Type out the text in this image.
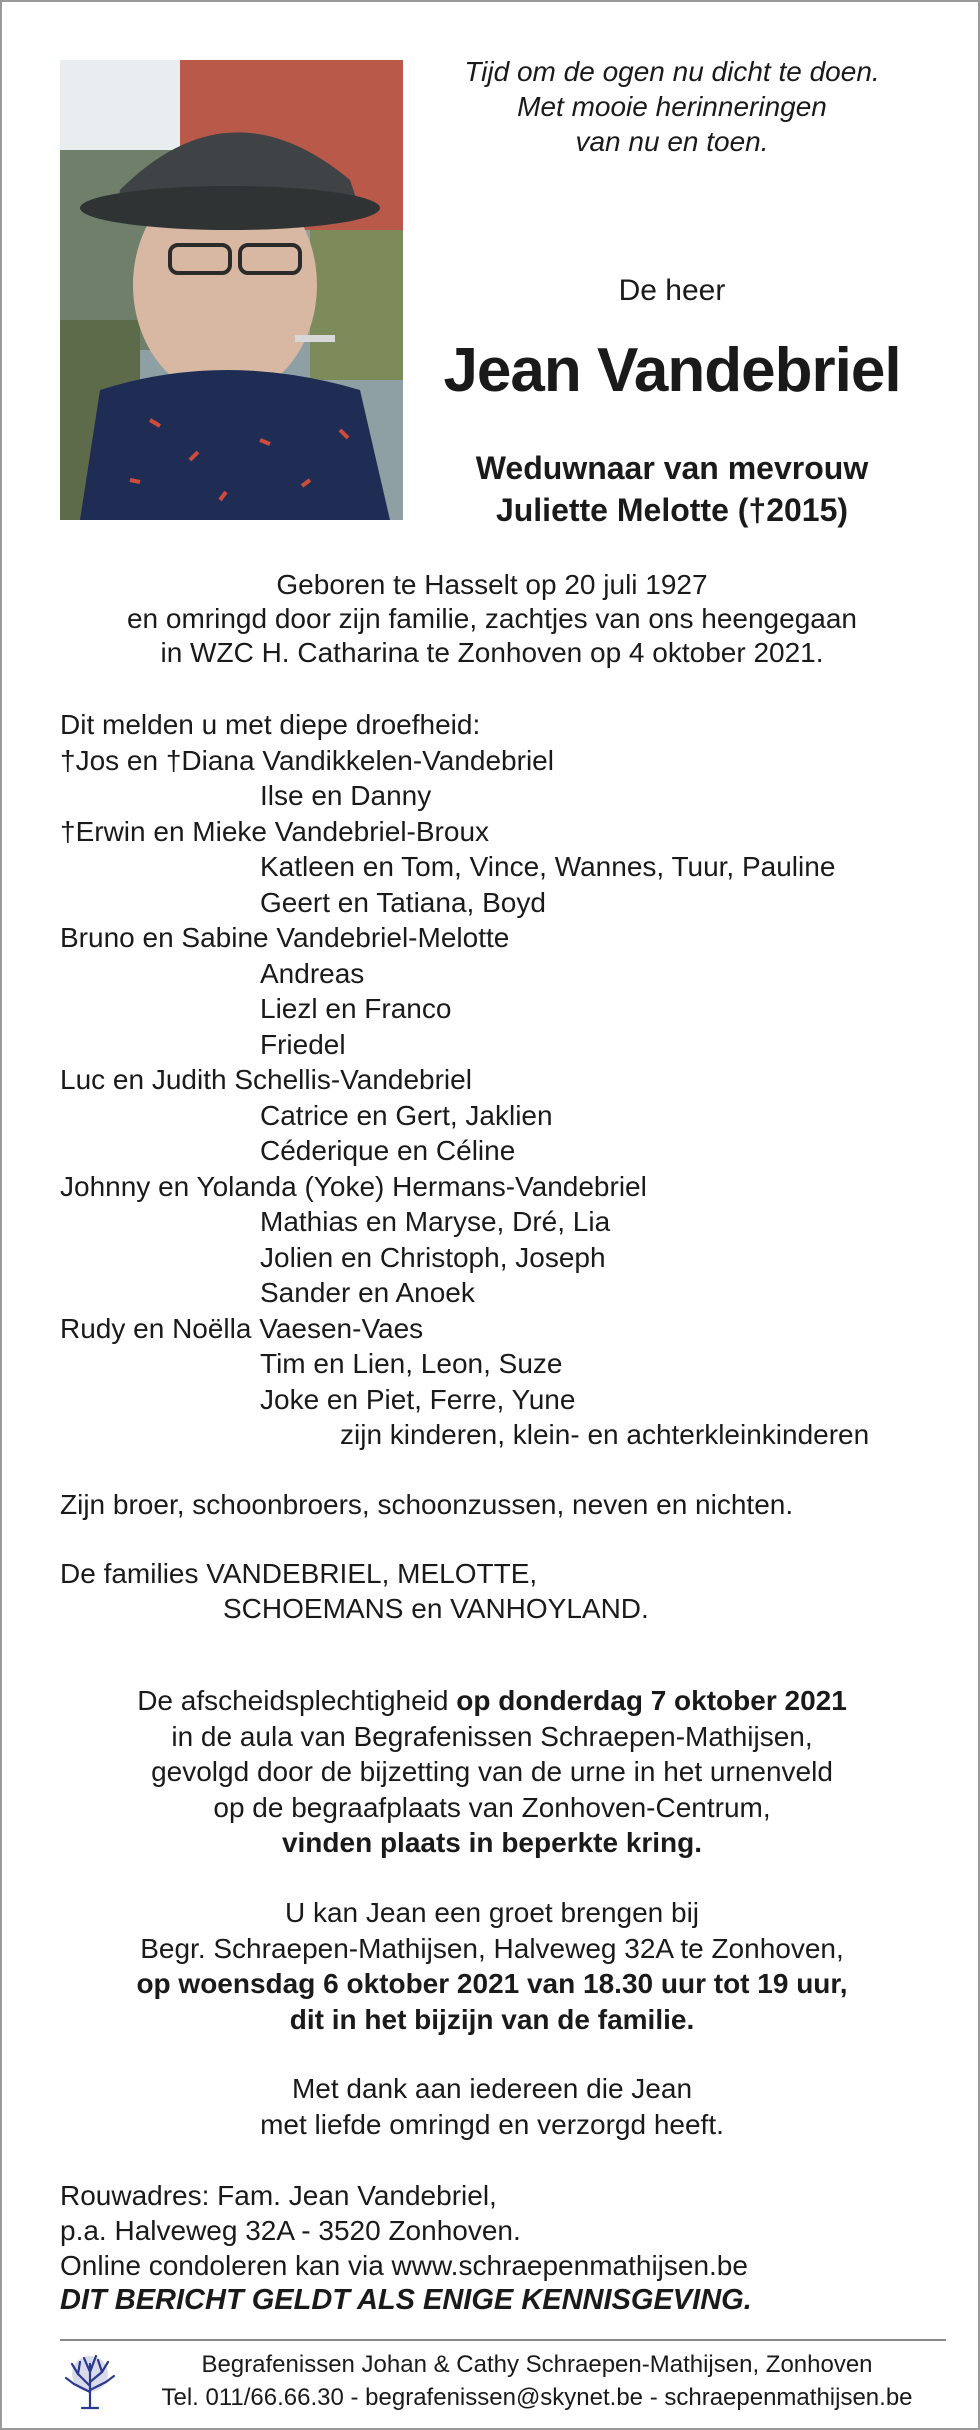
Tijd om de ogen nu dicht te doen.
Met mooie herinneringen
van nu en toen.
De heer
Jean Vandebriel
Weduwnaar van mevrouw
Juliette Melotte (†2015)
Geboren te Hasselt op 20 juli 1927
en omringd door zijn familie, zachtjes van ons heengegaan
in WZC H. Catharina te Zonhoven op 4 oktober 2021.
Dit melden u met diepe droefheid:
†Jos en †Diana Vandikkelen-Vandebriel
Ilse en Danny
†Erwin en Mieke Vandebriel-Broux
Katleen en Tom, Vince, Wannes, Tuur, Pauline
Geert en Tatiana, Boyd
Bruno en Sabine Vandebriel-Melotte
Andreas
Liezl en Franco
Friedel
Luc en Judith Schellis-Vandebriel
Catrice en Gert, Jaklien
Céderique en Céline
Johnny en Yolanda (Yoke) Hermans-Vandebriel
Mathias en Maryse, Dré, Lia
Jolien en Christoph, Joseph
Sander en Anoek
Rudy en Noëlla Vaesen-Vaes
Tim en Lien, Leon, Suze
Joke en Piet, Ferre, Yune
zijn kinderen, klein- en achterkleinkinderen
Zijn broer, schoonbroers, schoonzussen, neven en nichten.
De families VANDEBRIEL, MELOTTE,
SCHOEMANS en VANHOYLAND.
De afscheidsplechtigheid op donderdag 7 oktober 2021
in de aula van Begrafenissen Schraepen-Mathijsen,
gevolgd door de bijzetting van de urne in het urnenveld
op de begraafplaats van Zonhoven-Centrum,
vinden plaats in beperkte kring.
U kan Jean een groet brengen bij
Begr. Schraepen-Mathijsen, Halveweg 32A te Zonhoven,
op woensdag 6 oktober 2021 van 18.30 uur tot 19 uur,
dit in het bijzijn van de familie.
Met dank aan iedereen die Jean
met liefde omringd en verzorgd heeft.
Rouwadres: Fam. Jean Vandebriel,
p.a. Halveweg 32A - 3520 Zonhoven.
Online condoleren kan via www.schraepenmathijsen.be
DIT BERICHT GELDT ALS ENIGE KENNISGEVING.
Begrafenissen Johan & Cathy Schraepen-Mathijsen, Zonhoven
Tel. 011/66.66.30 - begrafenissen@skynet.be - schraepenmathijsen.be
